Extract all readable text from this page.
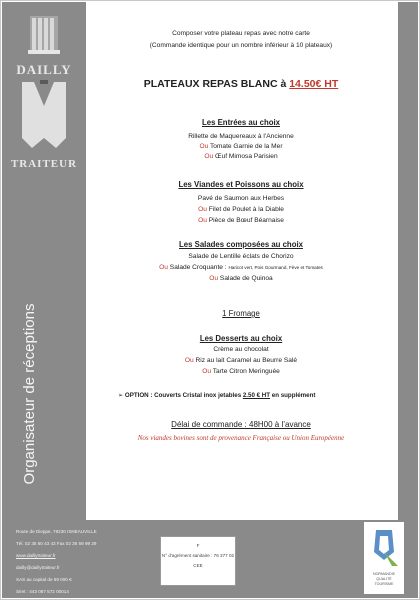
DAILLY
TRAITEUR
Organisateur de réceptions
Composer votre plateau repas avec notre carte
(Commande identique pour un nombre inférieur à 10 plateaux)
PLATEAUX REPAS BLANC à 14.50€ HT
Les Entrées au choix
Rillette de Maquereaux à l’Ancienne
Ou Tomate Garnie de la Mer
Ou Œuf Mimosa Parisien
Les Viandes et Poissons au choix
Pavé de Saumon aux Herbes
Ou Filet de Poulet à la Diable
Ou Pièce de Bœuf Béarnaise
Les Salades composées au choix
Salade de Lentille éclats de Chorizo
Ou Salade Croquante : Haricot vert, Pois Gourmand, Fève et Tomates
Ou Salade de Quinoa
1 Fromage
Les Desserts au choix
Crème au chocolat
Ou Riz au lait Caramel au Beurre Salé
Ou Tarte Citron Meringuée
➢ OPTION : Couverts Cristal inox jetables 2.50 € HT en supplément
Délai de commande : 48H00 à l’avance
Nos viandes bovines sont de provenance Française ou Union Européenne
Route de Dieppe, 76230 ISNEAUVILLE
Tél. 02 35 60 43 43 Fax 02 35 59 99 29
www.daillytraiteur.fr
dailly@daillytraiteur.fr
SAS au capital de 69 000 €
Siret : 443 087 572 00014
F
N° d'agrément sanitaire : 76 377 02
CEE
NORMANDIE
QUALITÉ
TOURISME
